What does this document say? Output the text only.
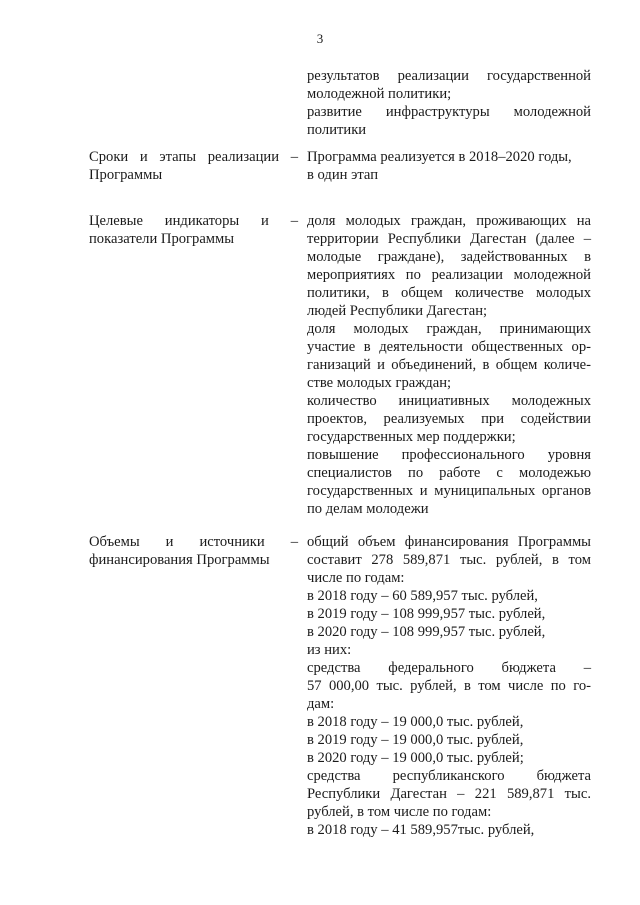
3
результатов реализации государственной
молодежной политики;
развитие инфраструктуры молодежной
политики
Сроки и этапы реализации –
Программы
Программа реализуется в 2018–2020 годы,
в один этап
Целевые индикаторы и –
показатели Программы
доля молодых граждан, проживающих на
территории Республики Дагестан (далее –
молодые граждане), задействованных в
мероприятиях по реализации молодежной
политики, в общем количестве молодых
людей Республики Дагестан;
доля молодых граждан, принимающих
участие в деятельности общественных ор-
ганизаций и объединений, в общем количе-
стве молодых граждан;
количество инициативных молодежных
проектов, реализуемых при содействии
государственных мер поддержки;
повышение профессионального уровня
специалистов по работе с молодежью
государственных и муниципальных органов
по делам молодежи
Объемы и источники –
финансирования Программы
общий объем финансирования Программы
составит 278 589,871 тыс. рублей, в том
числе по годам:
в 2018 году – 60 589,957 тыс. рублей,
в 2019 году – 108 999,957 тыс. рублей,
в 2020 году – 108 999,957 тыс. рублей,
из них:
средства федерального бюджета –
57 000,00 тыс. рублей, в том числе по го-
дам:
в 2018 году – 19 000,0 тыс. рублей,
в 2019 году – 19 000,0 тыс. рублей,
в 2020 году – 19 000,0 тыс. рублей;
средства республиканского бюджета
Республики Дагестан – 221 589,871 тыс.
рублей, в том числе по годам:
в 2018 году – 41 589,957тыс. рублей,
